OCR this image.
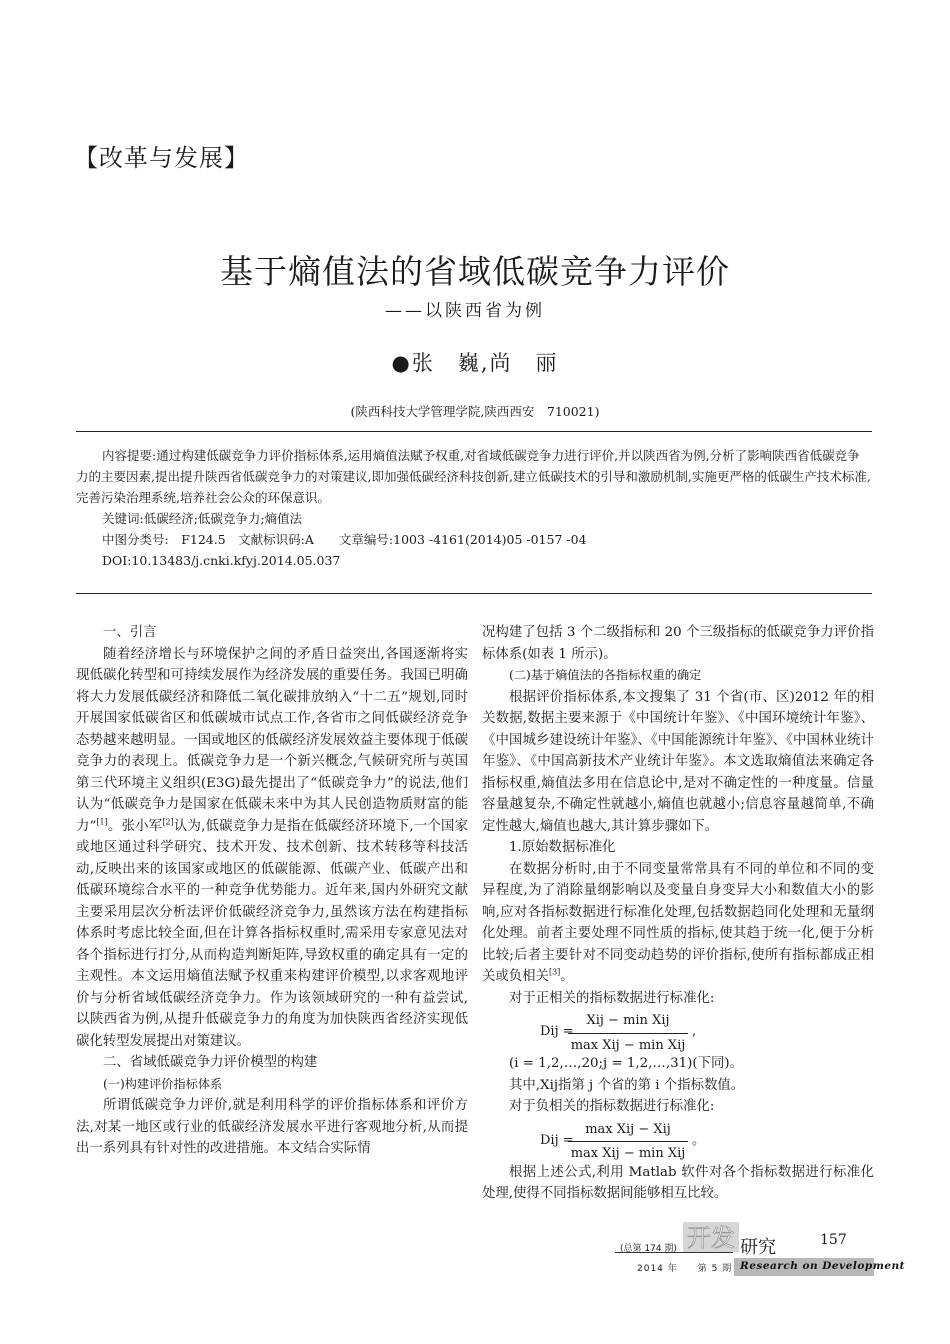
【改革与发展】
基于熵值法的省域低碳竞争力评价
——以陕西省为例
●张　巍,尚　丽
(陕西科技大学管理学院,陕西西安　710021)

内容提要:通过构建低碳竞争力评价指标体系,运用熵值法赋予权重,对省域低碳竞争力进行评价,并以陕西省为例,分析了影响陕西省低碳竞争力的主要因素,提出提升陕西省低碳竞争力的对策建议,即加强低碳经济科技创新,建立低碳技术的引导和激励机制,实施更严格的低碳生产技术标准,完善污染治理系统,培养社会公众的环保意识。

关键词:低碳经济;低碳竞争力;熵值法

中图分类号:　F124.5　文献标识码:A　　文章编号:1003 -4161(2014)05 -0157 -04

DOI:10.13483/j.cnki.kfyj.2014.05.037

一、引言

随着经济增长与环境保护之间的矛盾日益突出,各国逐渐将实现低碳化转型和可持续发展作为经济发展的重要任务。我国已明确将大力发展低碳经济和降低二氧化碳排放纳入“十二五”规划,同时开展国家低碳省区和低碳城市试点工作,各省市之间低碳经济竞争态势越来越明显。一国或地区的低碳经济发展效益主要体现于低碳竞争力的表现上。低碳竞争力是一个新兴概念,气候研究所与英国第三代环境主义组织(E3G)最先提出了“低碳竞争力”的说法,他们认为“低碳竞争力是国家在低碳未来中为其人民创造物质财富的能力”[1]。张小军[2]认为,低碳竞争力是指在低碳经济环境下,一个国家或地区通过科学研究、技术开发、技术创新、技术转移等科技活动,反映出来的该国家或地区的低碳能源、低碳产业、低碳产出和低碳环境综合水平的一种竞争优势能力。近年来,国内外研究文献主要采用层次分析法评价低碳经济竞争力,虽然该方法在构建指标体系时考虑比较全面,但在计算各指标权重时,需采用专家意见法对各个指标进行打分,从而构造判断矩阵,导致权重的确定具有一定的主观性。本文运用熵值法赋予权重来构建评价模型,以求客观地评价与分析省域低碳经济竞争力。作为该领域研究的一种有益尝试,以陕西省为例,从提升低碳竞争力的角度为加快陕西省经济实现低碳化转型发展提出对策建议。

二、省域低碳竞争力评价模型的构建

(一)构建评价指标体系

所谓低碳竞争力评价,就是利用科学的评价指标体系和评价方法,对某一地区或行业的低碳经济发展水平进行客观地分析,从而提出一系列具有针对性的改进措施。本文结合实际情

况构建了包括 3 个二级指标和 20 个三级指标的低碳竞争力评价指标体系(如表 1 所示)。

(二)基于熵值法的各指标权重的确定

根据评价指标体系,本文搜集了 31 个省(市、区)2012 年的相关数据,数据主要来源于《中国统计年鉴》、《中国环境统计年鉴》、《中国城乡建设统计年鉴》、《中国能源统计年鉴》、《中国林业统计年鉴》、《中国高新技术产业统计年鉴》。本文选取熵值法来确定各指标权重,熵值法多用在信息论中,是对不确定性的一种度量。信量容量越复杂,不确定性就越小,熵值也就越小;信息容量越简单,不确定性越大,熵值也越大,其计算步骤如下。

1.原始数据标准化

在数据分析时,由于不同变量常常具有不同的单位和不同的变异程度,为了消除量纲影响以及变量自身变异大小和数值大小的影响,应对各指标数据进行标准化处理,包括数据趋同化处理和无量纲化处理。前者主要处理不同性质的指标,使其趋于统一化,便于分析比较;后者主要针对不同变动趋势的评价指标,使所有指标都成正相关或负相关[3]。

对于正相关的指标数据进行标准化:

Dij =
Xij − min Xij
max Xij − min Xij
,

(i = 1,2,…,20;j = 1,2,…,31)(下同)。

其中,Xij指第 j 个省的第 i 个指标数值。

对于负相关的指标数据进行标准化:

Dij =
max Xij − Xij
max Xij − min Xij
。

根据上述公式,利用 Matlab 软件对各个指标数据进行标准化处理,使得不同指标数据间能够相互比较。

(总第 174 期) 开发 研究	157
2014 年　　第 5 期 Research on Development
